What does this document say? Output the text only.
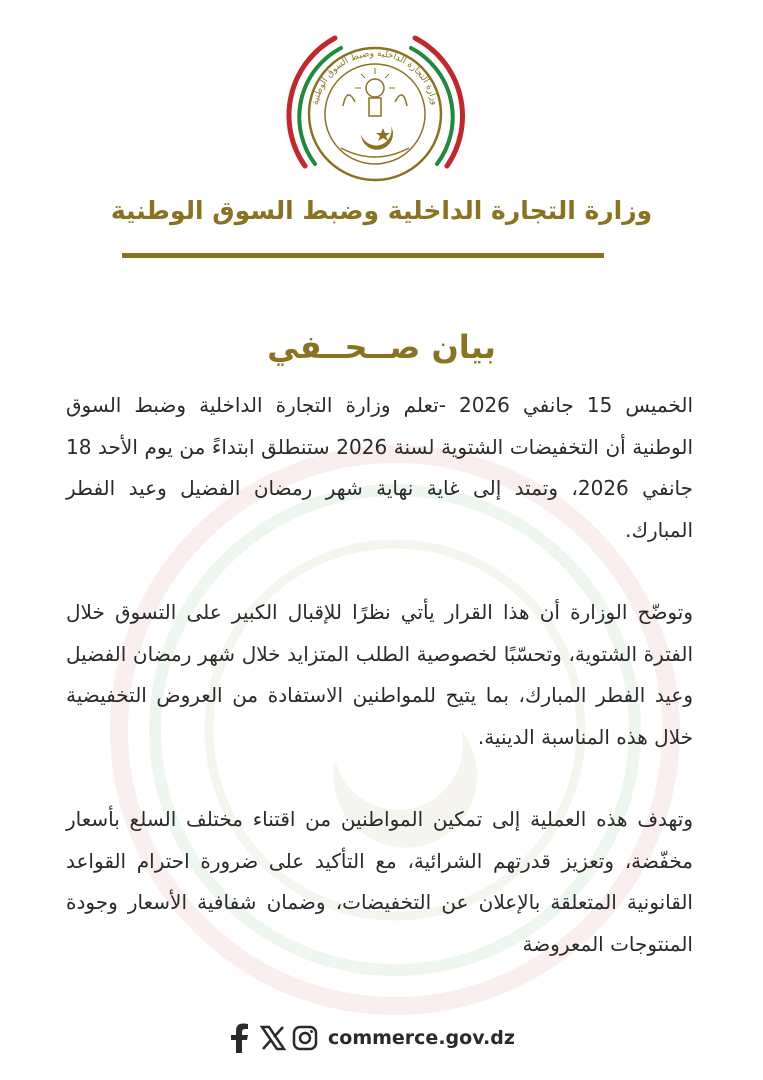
وزارة التجارة الداخلية وضبط السوق الوطنية
وزارة التجارة الداخلية وضبط السوق الوطنية
بيان صــحــفي

الخميس 15 جانفي 2026 -تعلم وزارة التجارة الداخلية وضبط السوق الوطنية أن التخفيضات الشتوية لسنة 2026 ستنطلق ابتداءً من يوم الأحد 18 جانفي 2026، وتمتد إلى غاية نهاية شهر رمضان الفضيل وعيد الفطر المبارك.

وتوضّح الوزارة أن هذا القرار يأتي نظرًا للإقبال الكبير على التسوق خلال الفترة الشتوية، وتحسّبًا لخصوصية الطلب المتزايد خلال شهر رمضان الفضيل وعيد الفطر المبارك، بما يتيح للمواطنين الاستفادة من العروض التخفيضية خلال هذه المناسبة الدينية.

وتهدف هذه العملية إلى تمكين المواطنين من اقتناء مختلف السلع بأسعار مخفّضة، وتعزيز قدرتهم الشرائية، مع التأكيد على ضرورة احترام القواعد القانونية المتعلقة بالإعلان عن التخفيضات، وضمان شفافية الأسعار وجودة المنتوجات المعروضة

commerce.gov.dz
